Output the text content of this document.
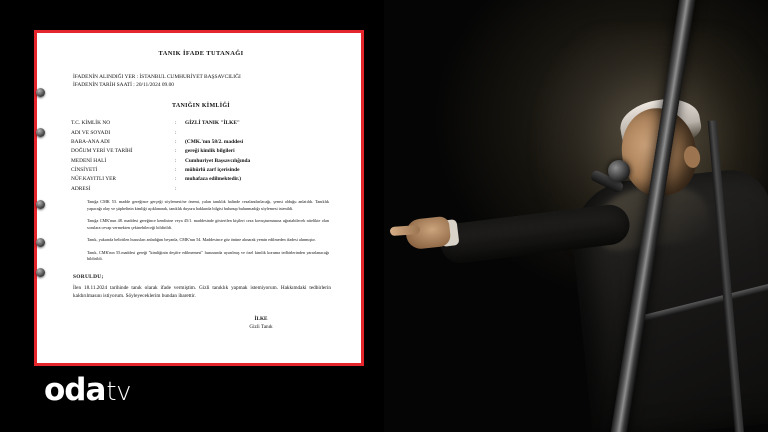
TANIK İFADE TUTANAĞI
İFADENİN ALINDIĞI YER : İSTANBUL CUMHURİYET BAŞSAVCILIĞI
İFADENİN TARİH SAATİ : 20/11/2024 09.00
TANIĞIN KİMLİĞİ
T.C. KİMLİK NO	:	GİZLİ TANIK "İLKE"
ADI VE SOYADI	:	
BABA-ANA ADI	:	(CMK.'nın 58/2. maddesi
DOĞUM YERİ VE TARİHİ	:	gereği kimlik bilgileri
MEDENİ HALİ	:	Cumhuriyet Başsavcılığında
CİNSİYETİ	:	mühürlü zarf içerisinde
NÜF.KAYITLI YER	:	muhafaza edilmektedir.)
ADRESİ	:	
Tanığa CMK 53. madde gereğince gerçeği söylemesi/ne önemi, yalan tanıklık halinde cezalandırılacağı, şemsi olduğu anlatıldı. Tanıklık yapacağı olay ve şüphelinin kimliği açıklanarak, tanıklık duyuru hakkında bilgisi bulunup bulunmadığı söylemesi istenildi.
Tanığa CMK'nun 48. maddesi gereğince kendisine veya 45/1. maddesinde gösterilen kişileri ceza kovuşturmasına uğratabilecek nitelikte olan sorulara cevap vermekten çekinebileceği bildirildi.
Tanık, yukarıda belirtilen hususları anladığını beyanla, CMK'nın 54. Maddesince göz önüne alınarak yemin edilmeden ifadesi alınmıştır.
Tanık, CMK'nın 55.maddesi gereği "kimliğinin deşifre edilmemesi" hususunda uyarılmış ve özel kimlik koruma tedbirlerinden yararlanacağı bildirildi.
SORULDU;
İlen 18.11.2024 tarihinde tanık olarak ifade vermiştim. Gizli tanıklık yapmak istemiyorum. Hakkımdaki tedbirlerin kaldırılmasını istiyorum. Söyleyeceklerim bundan ibarettir.
İLKE
Gizli Tanık
oda tv
